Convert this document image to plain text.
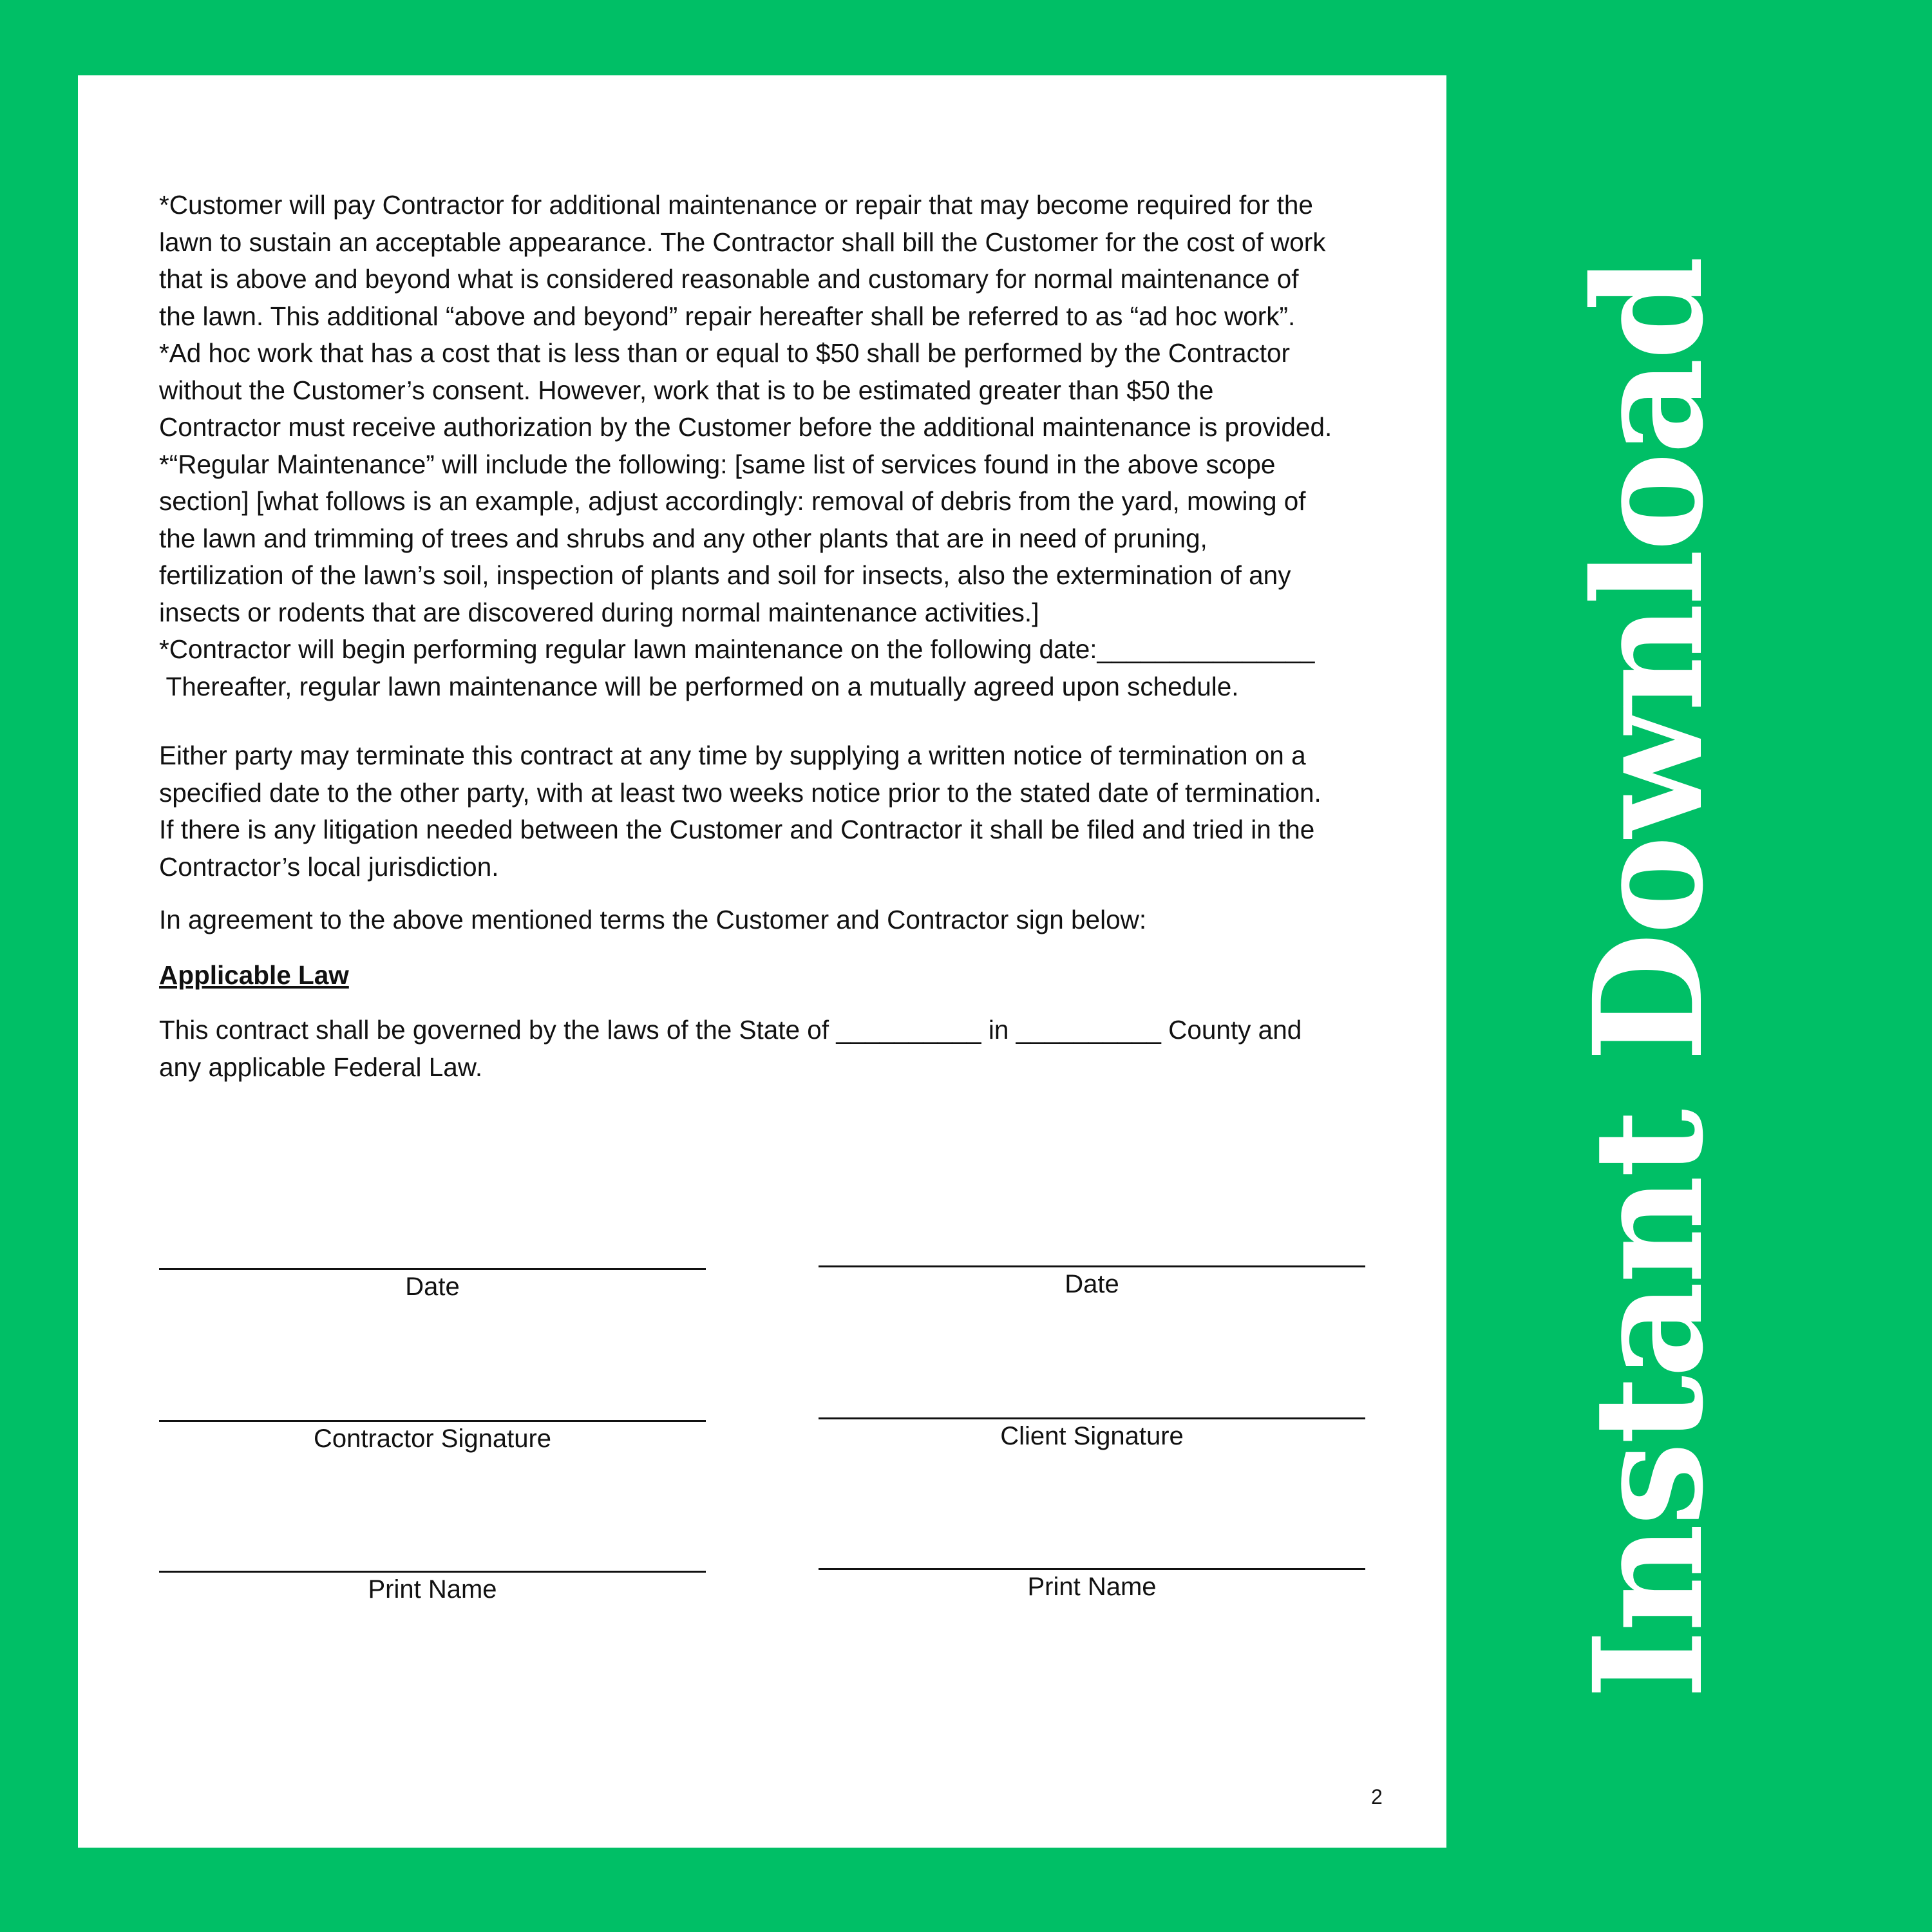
*Customer will pay Contractor for additional maintenance or repair that may become required for the
lawn to sustain an acceptable appearance. The Contractor shall bill the Customer for the cost of work
that is above and beyond what is considered reasonable and customary for normal maintenance of
the lawn. This additional “above and beyond” repair hereafter shall be referred to as “ad hoc work”.
*Ad hoc work that has a cost that is less than or equal to $50 shall be performed by the Contractor
without the Customer’s consent. However, work that is to be estimated greater than $50 the
Contractor must receive authorization by the Customer before the additional maintenance is provided.
*“Regular Maintenance” will include the following: [same list of services found in the above scope
section] [what follows is an example, adjust accordingly: removal of debris from the yard, mowing of
the lawn and trimming of trees and shrubs and any other plants that are in need of pruning,
fertilization of the lawn’s soil, inspection of plants and soil for insects, also the extermination of any
insects or rodents that are discovered during normal maintenance activities.]
*Contractor will begin performing regular lawn maintenance on the following date:_______________
Thereafter, regular lawn maintenance will be performed on a mutually agreed upon schedule.

Either party may terminate this contract at any time by supplying a written notice of termination on a
specified date to the other party, with at least two weeks notice prior to the stated date of termination.
If there is any litigation needed between the Customer and Contractor it shall be filed and tried in the
Contractor’s local jurisdiction.

In agreement to the above mentioned terms the Customer and Contractor sign below:

Applicable Law

This contract shall be governed by the laws of the State of __________ in __________ County and
any applicable Federal Law.

Date	Date
Contractor Signature	Client Signature
Print Name	Print Name
2
Instant Download
